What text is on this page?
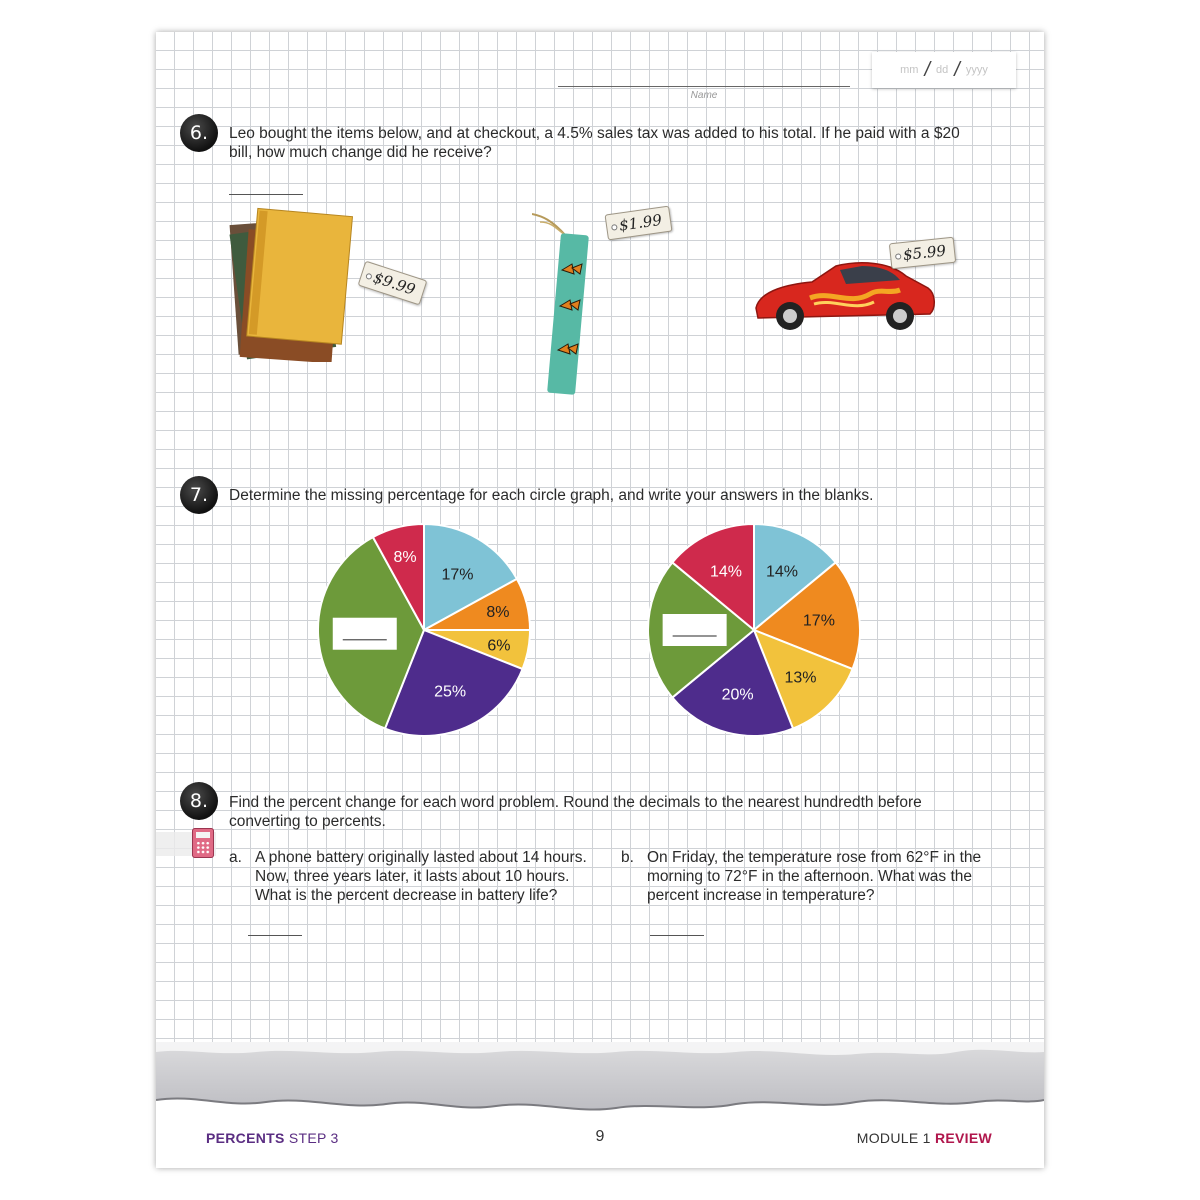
mm / dd / yyyy
Name
6.	Leo bought the items below, and at checkout, a 4.5% sales tax was added to his total. If he paid with a $20
bill, how much change did he receive?
$9.99
$1.99
$5.99
7.	Determine the missing percentage for each circle graph, and write your answers in the blanks.
17%
8%
6%
25%
8%
14%
17%
13%
20%
14%
8.	Find the percent change for each word problem. Round the decimals to the nearest hundredth before
converting to percents.
a. A phone battery originally lasted about 14 hours.
Now, three years later, it lasts about 10 hours.
What is the percent decrease in battery life?
b. On Friday, the temperature rose from 62°F in the
morning to 72°F in the afternoon. What was the
percent increase in temperature?
PERCENTS STEP 3	9	MODULE 1 REVIEW
